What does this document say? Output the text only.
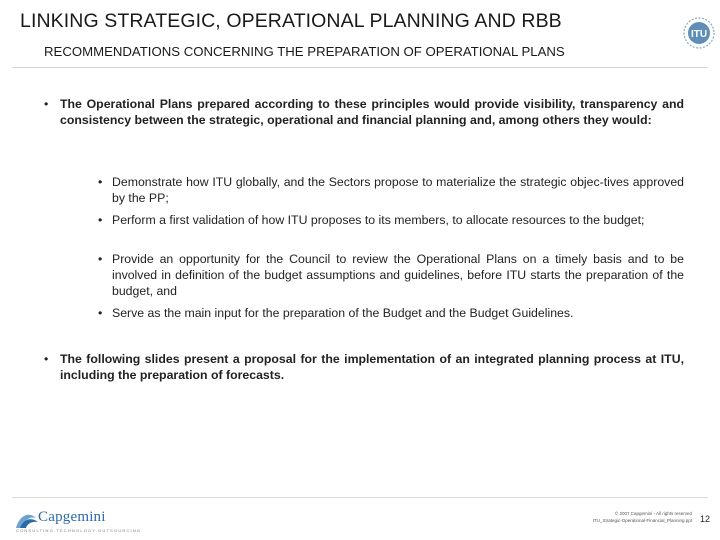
LINKING STRATEGIC, OPERATIONAL PLANNING AND RBB
RECOMMENDATIONS CONCERNING THE PREPARATION OF OPERATIONAL PLANS
ITU
• The Operational Plans prepared according to these principles would provide visibility, transparency and consistency between the strategic, operational and financial planning and, among others they would:
• Demonstrate how ITU globally, and the Sectors propose to materialize the strategic objec-tives approved by the PP;
• Perform a first validation of how ITU proposes to its members, to allocate resources to the budget;
• Provide an opportunity for the Council to review the Operational Plans on a timely basis and to be involved in definition of the budget assumptions and guidelines, before ITU starts the preparation of the budget, and
• Serve as the main input for the preparation of the Budget and the Budget Guidelines.
• The following slides present a proposal for the implementation of an integrated planning process at ITU, including the preparation of forecasts.
Capgemini
CONSULTING.TECHNOLOGY.OUTSOURCING
© 2007 Capgemini - All rights reserved
ITU_Strategic-Operational-Financial_Planning.ppt 12
